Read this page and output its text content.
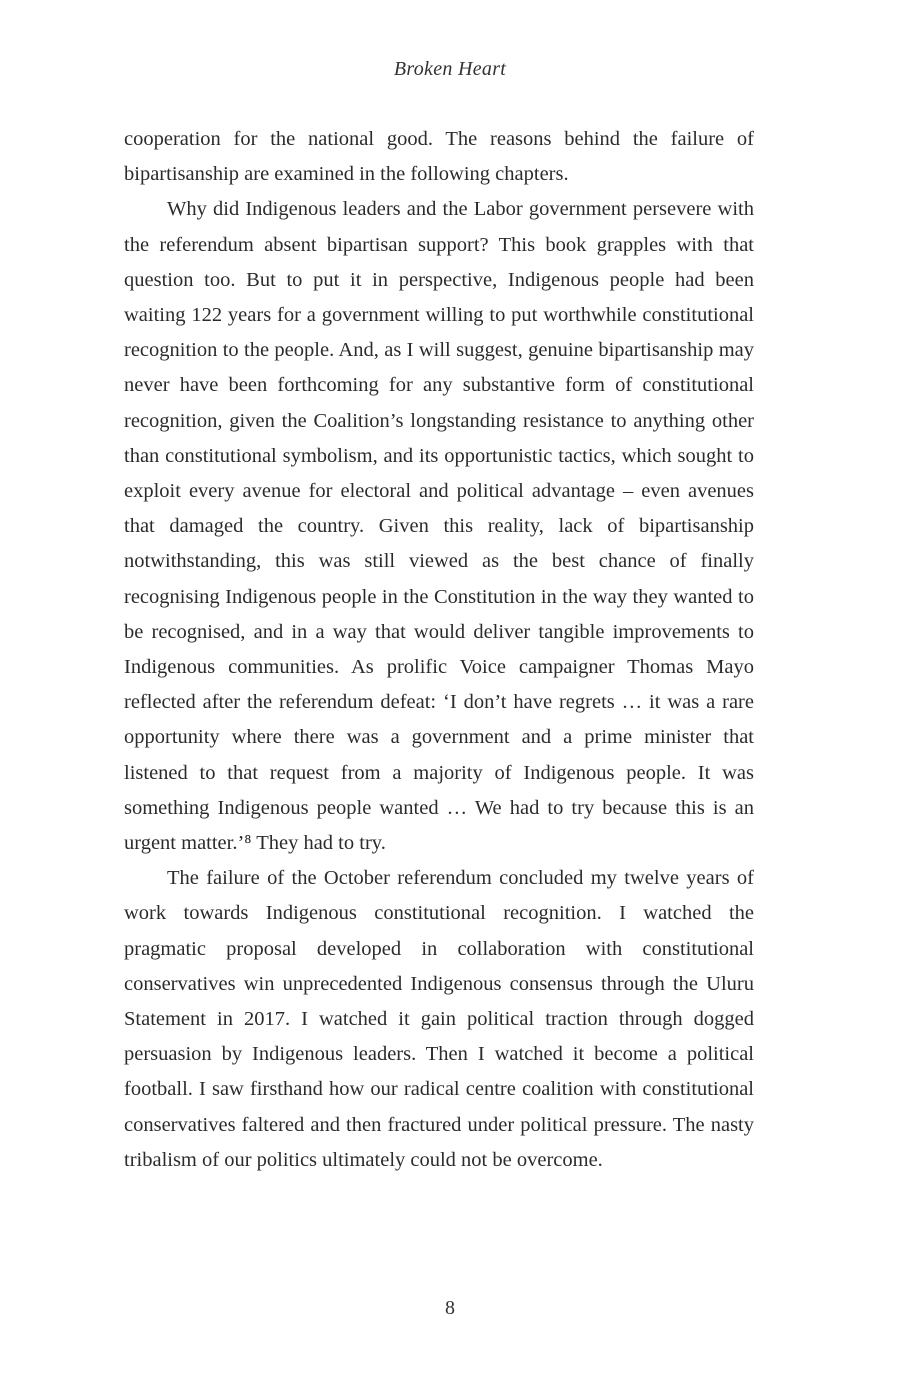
Broken Heart

cooperation for the national good. The reasons behind the failure of bipartisanship are examined in the following chapters.

Why did Indigenous leaders and the Labor government persevere with the referendum absent bipartisan support? This book grapples with that question too. But to put it in perspective, Indigenous people had been waiting 122 years for a government willing to put worthwhile constitutional recognition to the people. And, as I will suggest, genuine bipartisanship may never have been forthcoming for any substantive form of constitutional recognition, given the Coalition’s longstanding resistance to anything other than constitutional symbolism, and its opportunistic tactics, which sought to exploit every avenue for electoral and political advantage – even avenues that damaged the country. Given this reality, lack of bipartisanship notwithstanding, this was still viewed as the best chance of finally recognising Indigenous people in the Constitution in the way they wanted to be recognised, and in a way that would deliver tangible improvements to Indigenous communities. As prolific Voice campaigner Thomas Mayo reflected after the referendum defeat: ‘I don’t have regrets … it was a rare opportunity where there was a government and a prime minister that listened to that request from a majority of Indigenous people. It was something Indigenous people wanted … We had to try because this is an urgent matter.’⁸ They had to try.

The failure of the October referendum concluded my twelve years of work towards Indigenous constitutional recognition. I watched the pragmatic proposal developed in collaboration with constitutional conservatives win unprecedented Indigenous consensus through the Uluru Statement in 2017. I watched it gain political traction through dogged persuasion by Indigenous leaders. Then I watched it become a political football. I saw firsthand how our radical centre coalition with constitutional conservatives faltered and then fractured under political pressure. The nasty tribalism of our politics ultimately could not be overcome.

8
